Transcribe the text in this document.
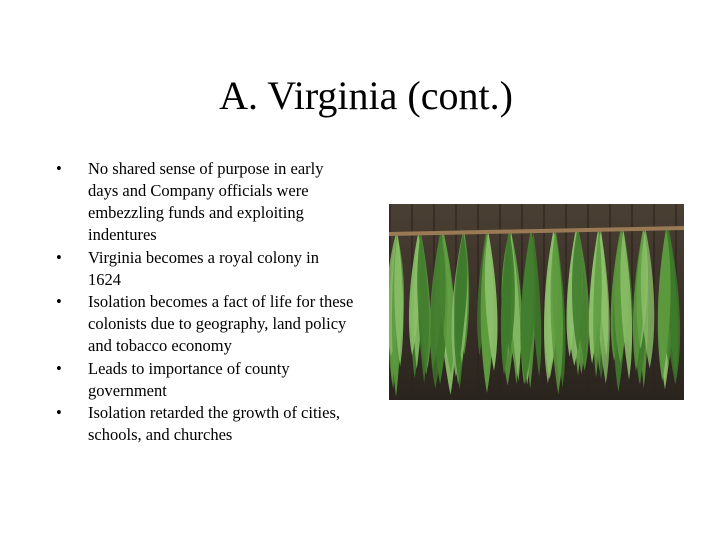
A. Virginia (cont.)
•	No shared sense of purpose in early days and Company officials were embezzling funds and exploiting indentures
•	Virginia becomes a royal colony in 1624
•	Isolation becomes a fact of life for these colonists due to geography, land policy and tobacco economy
•	Leads to importance of county government
•	Isolation retarded the growth of cities, schools, and churches
